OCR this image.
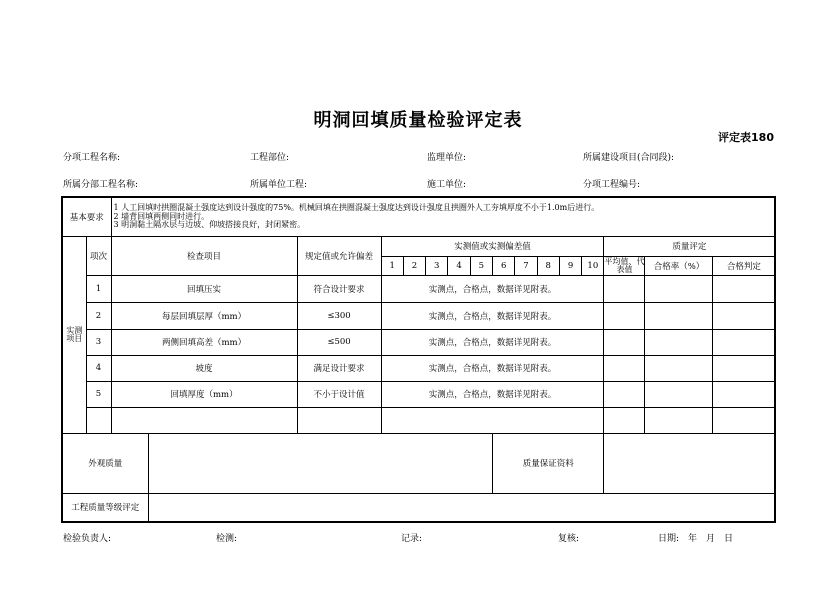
明洞回填质量检验评定表
评定表180
分项工程名称:	工程部位:	监理单位:	所属建设项目(合同段):
所属分部工程名称:	所属单位工程:	施工单位:	分项工程编号:
基本要求		1 人工回填时拱圈混凝土强度达到设计强度的75%。机械回填在拱圈混凝土强度达到设计强度且拱圈外人工夯填厚度不小于1.0m后进行。
2 墙背回填两侧同时进行。
3 明洞黏土隔水层与边坡、仰坡搭接良好，封闭紧密。															

实测项目	项次	检查项目		规定值或允许偏差	实测值或实测偏差值										质量评定		
					1	2	3	4	5	6	7	8	9	10	平均值、代表值	合格率（%）	合格判定
	1	回填压实		符合设计要求	实测点，合格点，数据详见附表。												
	2	每层回填层厚（mm）		≤300	实测点，合格点，数据详见附表。												
	3	两侧回填高差（mm）		≤500	实测点，合格点，数据详见附表。												
	4	坡度		满足设计要求	实测点，合格点，数据详见附表。												
	5	回填厚度（mm）		不小于设计值	实测点，合格点，数据详见附表。												

外观质量										质量保证资料							
工程质量等级评定																	
检验负责人:	检测:	记录:	复核:	日期:　年　月　日
